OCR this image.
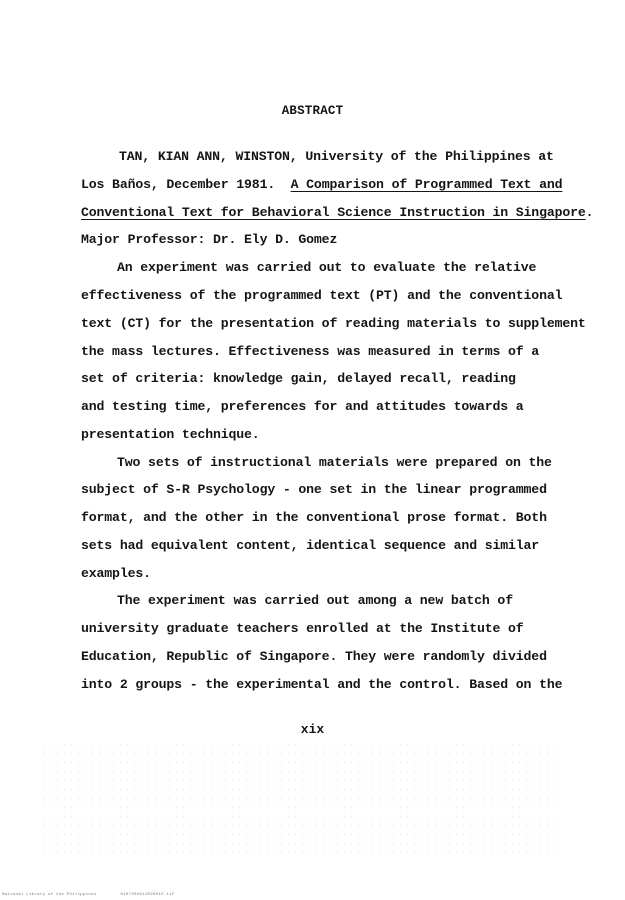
ABSTRACT
TAN, KIAN ANN, WINSTON, University of the Philippines at
Los Baños, December 1981. A Comparison of Programmed Text and
Conventional Text for Behavioral Science Instruction in Singapore.
Major Professor: Dr. Ely D. Gomez
An experiment was carried out to evaluate the relative
effectiveness of the programmed text (PT) and the conventional
text (CT) for the presentation of reading materials to supplement
the mass lectures. Effectiveness was measured in terms of a
set of criteria: knowledge gain, delayed recall, reading
and testing time, preferences for and attitudes towards a
presentation technique.
Two sets of instructional materials were prepared on the
subject of S-R Psychology - one set in the linear programmed
format, and the other in the conventional prose format. Both
sets had equivalent content, identical sequence and similar
examples.
The experiment was carried out among a new batch of
university graduate teachers enrolled at the Institute of
Education, Republic of Singapore. They were randomly divided
into 2 groups - the experimental and the control. Based on the
xix
National Library of the Philippines	0107205911020012.tif
